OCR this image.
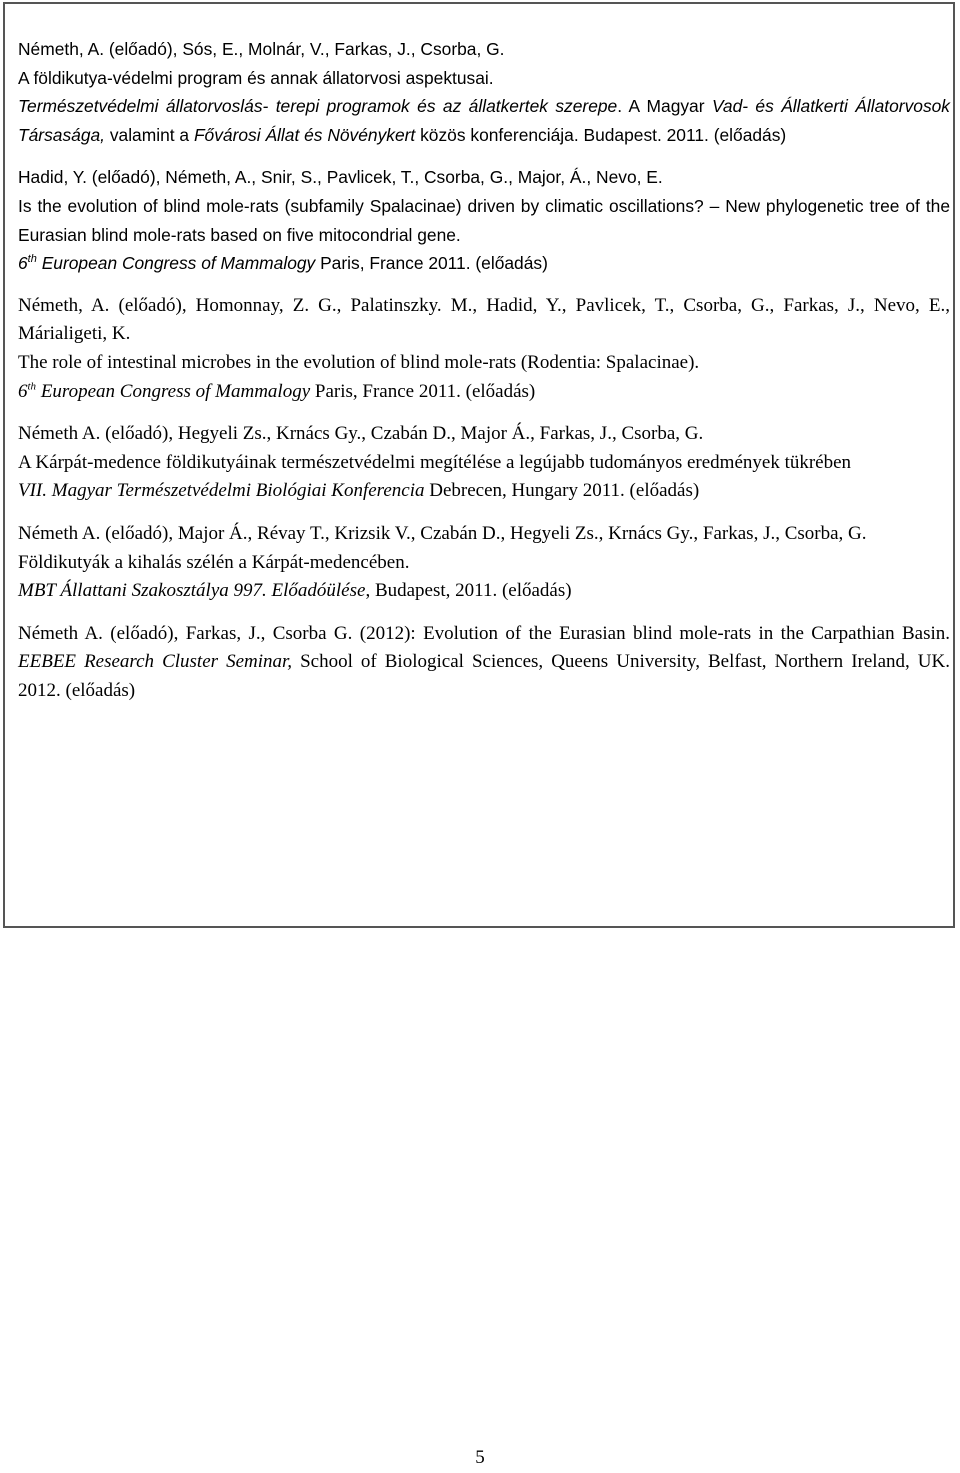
Németh, A. (előadó), Sós, E., Molnár, V., Farkas, J., Csorba, G.
A földikutya-védelmi program és annak állatorvosi aspektusai.
Természetvédelmi állatorvoslás- terepi programok és az állatkertek szerepe. A Magyar Vad- és Állatkerti Állatorvosok Társasága, valamint a Fővárosi Állat és Növénykert közös konferenciája. Budapest. 2011. (előadás)
Hadid, Y. (előadó), Németh, A., Snir, S., Pavlicek, T., Csorba, G., Major, Á., Nevo, E.
Is the evolution of blind mole-rats (subfamily Spalacinae) driven by climatic oscillations? – New phylogenetic tree of the Eurasian blind mole-rats based on five mitocondrial gene.
6th European Congress of Mammalogy Paris, France 2011. (előadás)
Németh, A. (előadó), Homonnay, Z. G., Palatinszky. M., Hadid, Y., Pavlicek, T., Csorba, G., Farkas, J., Nevo, E., Márialigeti, K.
The role of intestinal microbes in the evolution of blind mole-rats (Rodentia: Spalacinae).
6th European Congress of Mammalogy Paris, France 2011. (előadás)
Németh A. (előadó), Hegyeli Zs., Krnács Gy., Czabán D., Major Á., Farkas, J., Csorba, G.
A Kárpát-medence földikutyáinak természetvédelmi megítélése a legújabb tudományos eredmények tükrében
VII. Magyar Természetvédelmi Biológiai Konferencia Debrecen, Hungary 2011. (előadás)
Németh A. (előadó), Major Á., Révay T., Krizsik V., Czabán D., Hegyeli Zs., Krnács Gy., Farkas, J., Csorba, G.
Földikutyák a kihalás szélén a Kárpát-medencében.
MBT Állattani Szakosztálya 997. Előadóülése, Budapest, 2011. (előadás)
Németh A. (előadó), Farkas, J., Csorba G. (2012): Evolution of the Eurasian blind mole-rats in the Carpathian Basin. EEBEE Research Cluster Seminar, School of Biological Sciences, Queens University, Belfast, Northern Ireland, UK. 2012. (előadás)
5
